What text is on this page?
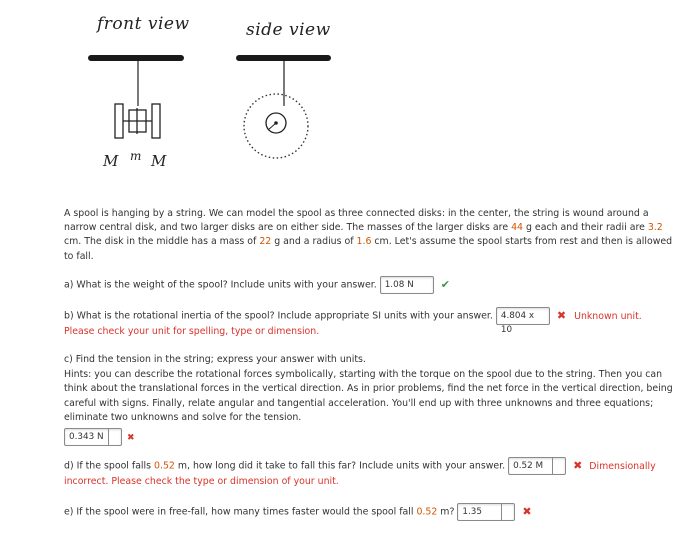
front view	side view
M m M
A spool is hanging by a string. We can model the spool as three connected disks: in the center, the string is wound around a narrow central disk, and two larger disks are on either side. The masses of the larger disks are 44 g each and their radii are 3.2 cm. The disk in the middle has a mass of 22 g and a radius of 1.6 cm. Let's assume the spool starts from rest and then is allowed to fall.
a) What is the weight of the spool? Include units with your answer. 1.08 N ✔
b) What is the rotational inertia of the spool? Include appropriate SI units with your answer. 4.804 x 10 ✖ Unknown unit.
Please check your unit for spelling, type or dimension.
c) Find the tension in the string; express your answer with units.
Hints: you can describe the rotational forces symbolically, starting with the torque on the spool due to the string. Then you can think about the translational forces in the vertical direction. As in prior problems, find the net force in the vertical direction, being careful with signs. Finally, relate angular and tangential acceleration. You'll end up with three unknowns and three equations; eliminate two unknowns and solve for the tension.
0.343 N	✖
d) If the spool falls 0.52 m, how long did it take to fall this far? Include units with your answer. 0.52 M	✖ Dimensionally
incorrect. Please check the type or dimension of your unit.
e) If the spool were in free-fall, how many times faster would the spool fall 0.52 m? 1.35	✖
